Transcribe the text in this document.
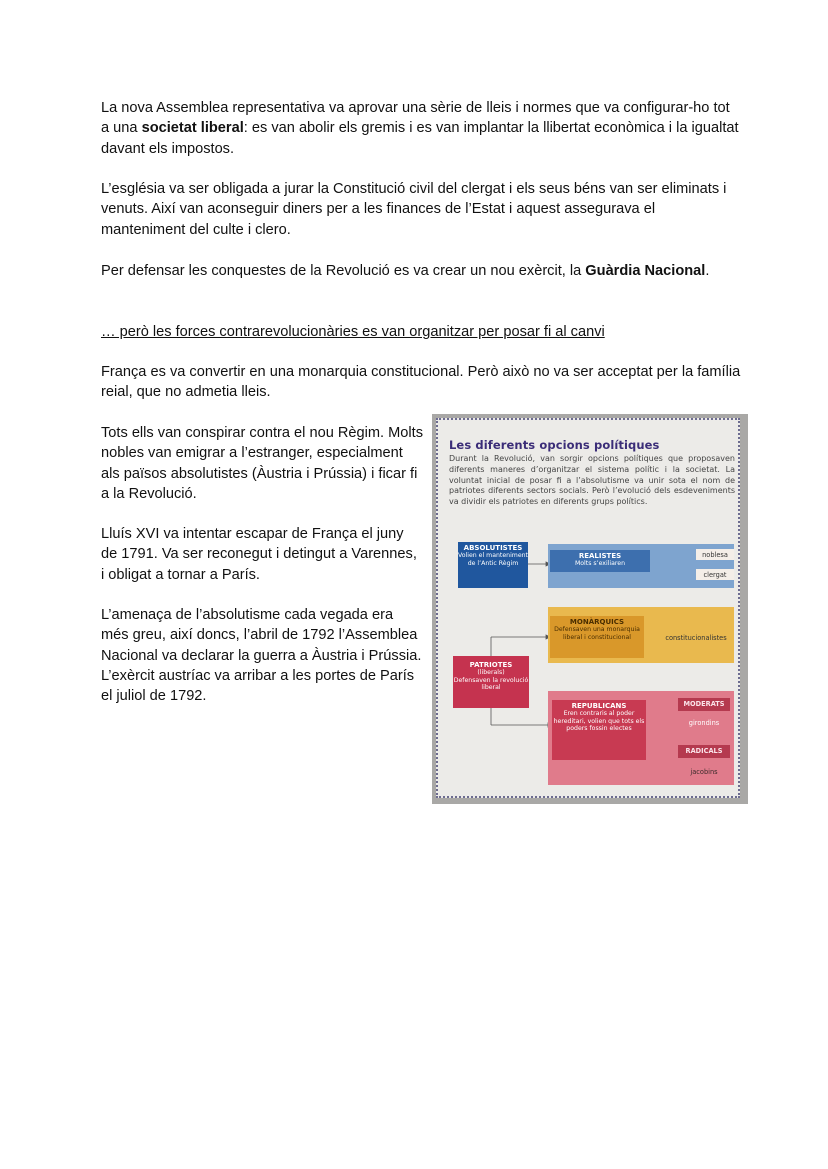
La nova Assemblea representativa va aprovar una sèrie de lleis i normes que va configurar-ho tot a una societat liberal: es van abolir els gremis i es van implantar la llibertat econòmica i la igualtat davant els impostos.

L’església va ser obligada a jurar la Constitució civil del clergat i els seus béns van ser eliminats i venuts. Així van aconseguir diners per a les finances de l’Estat i aquest assegurava el manteniment del culte i clero.

Per defensar les conquestes de la Revolució es va crear un nou exèrcit, la Guàrdia Nacional.

… però les forces contrarevolucionàries es van organitzar per posar fi al canvi

França es va convertir en una monarquia constitucional. Però això no va ser acceptat per la família reial, que no admetia lleis.

Tots ells van conspirar contra el nou Règim. Molts nobles van emigrar a l’estranger, especialment als països absolutistes (Àustria i Prússia) i ficar fi a la Revolució.

Lluís XVI va intentar escapar de França el juny de 1791. Va ser reconegut i detingut a Varennes, i obligat a tornar a París.

L’amenaça de l’absolutisme cada vegada era més greu, així doncs, l’abril de 1792 l’Assemblea Nacional va declarar la guerra a Àustria i Prússia. L’exèrcit austríac va arribar a les portes de París el juliol de 1792.

Les diferents opcions polítiques

Durant la Revolució, van sorgir opcions polítiques que proposaven diferents maneres d’organitzar el sistema polític i la societat. La voluntat inicial de posar fi a l’absolutisme va unir sota el nom de patriotes diferents sectors socials. Però l’evolució dels esdeveniments va dividir els patriotes en diferents grups polítics.

ABSOLUTISTES
Volien el manteniment de l’Antic Règim
REALISTES
Molts s’exiliaren
noblesa
clergat
MONÀRQUICS
Defensaven una monarquia liberal i constitucional	constitucionalistes
PATRIOTES
(liberals)
Defensaven la revolució liberal
REPUBLICANS
Eren contraris al poder hereditari, volien que tots els poders fossin electes
MODERATS
girondins
RADICALS
jacobins
